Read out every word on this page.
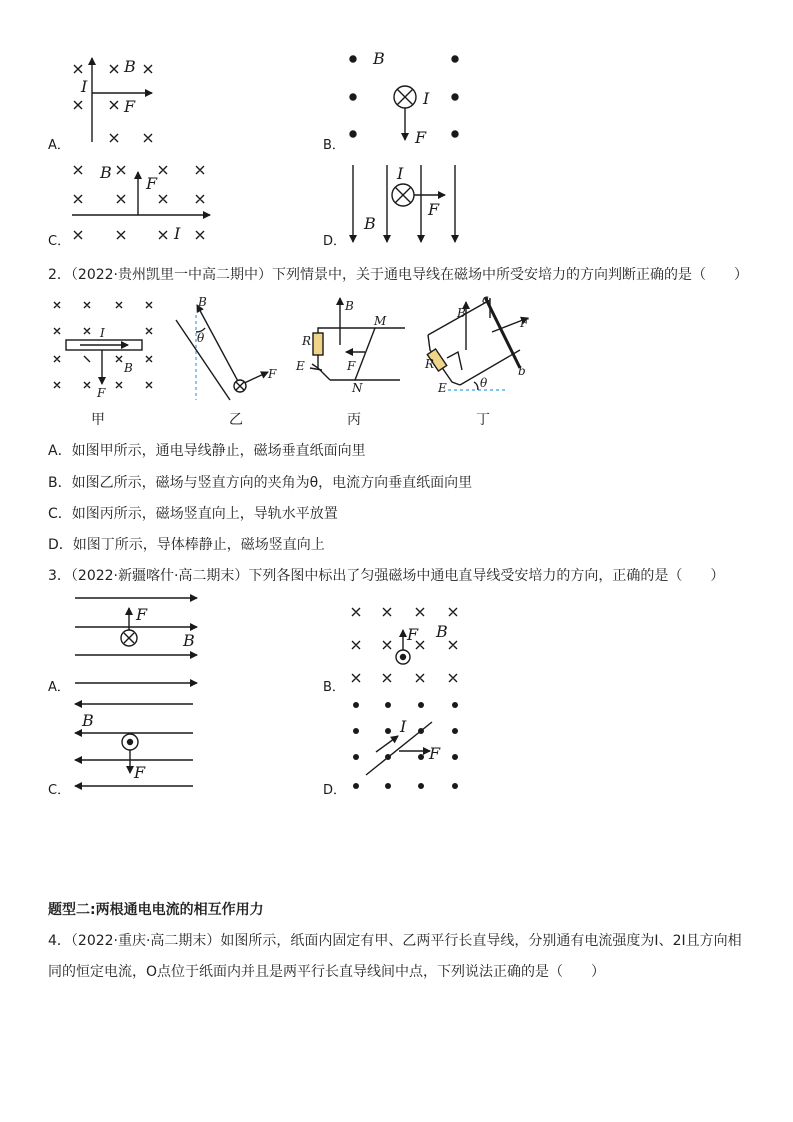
B
I
F
B
I
F
B
F
I
I
F
B
I
B
F
B
θ
F
B
M
R
F
E
N
a
B
F
R	b
θ
E
F
B	F B
B
F
I
F
A．	B．
C．	D．
2．（2022·贵州凯里一中高二期中）下列情景中，关于通电导线在磁场中所受安培力的方向判断正确的是（　　）
甲	乙	丙	丁
A．如图甲所示，通电导线静止，磁场垂直纸面向里
B．如图乙所示，磁场与竖直方向的夹角为θ，电流方向垂直纸面向里
C．如图丙所示，磁场竖直向上，导轨水平放置
D．如图丁所示，导体棒静止，磁场竖直向上
3．（2022·新疆喀什·高二期末）下列各图中标出了匀强磁场中通电直导线受安培力的方向，正确的是（　　）
A．	B．
C．	D．
题型二:两根通电电流的相互作用力
4．（2022·重庆·高二期末）如图所示，纸面内固定有甲、乙两平行长直导线，分别通有电流强度为I、2I且方向相
同的恒定电流，O点位于纸面内并且是两平行长直导线间中点，下列说法正确的是（　　）
